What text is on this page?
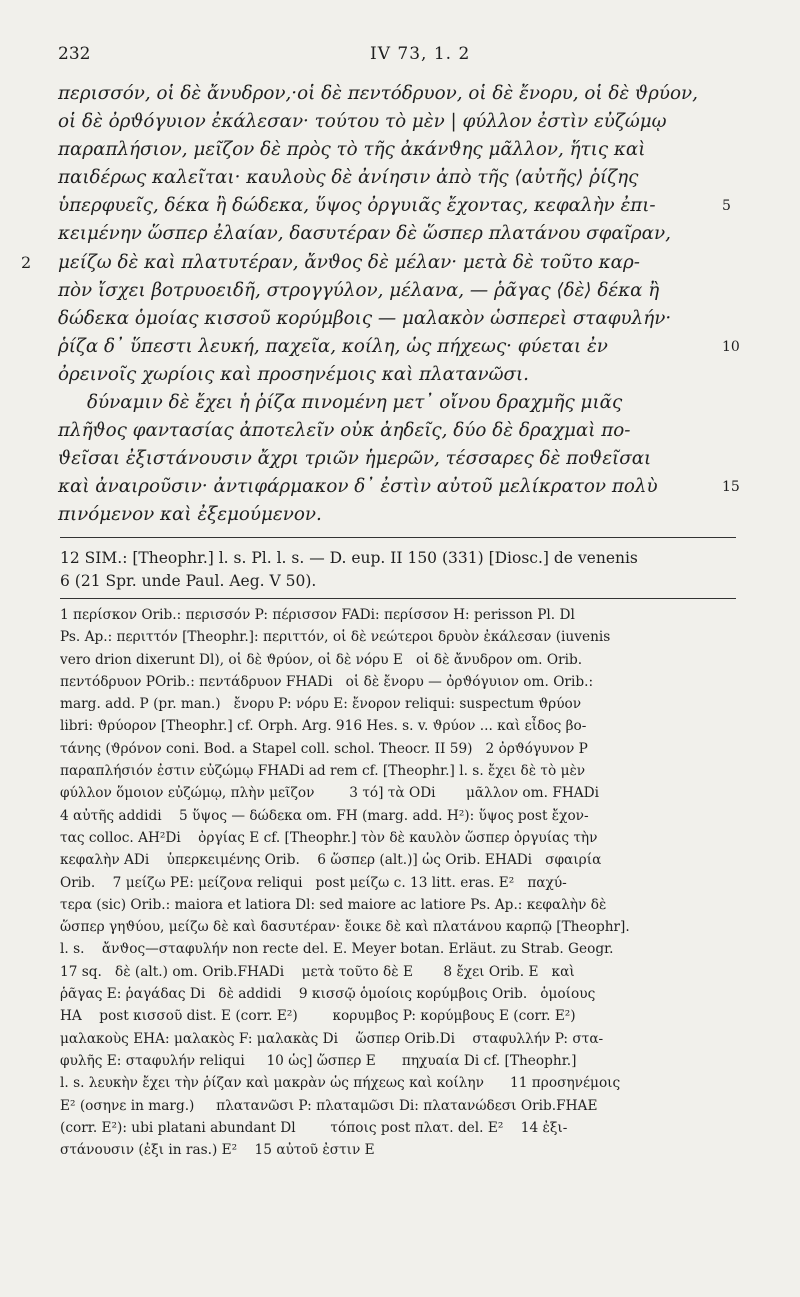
232	IV 73, 1. 2
περισσόν, οἱ δὲ ἄνυδρον,·οἱ δὲ πεντόδρυον, οἱ δὲ ἔνορυ, οἱ δὲ ϑρύον,
οἱ δὲ ὀρϑόγυιον ἐκάλεσαν· τούτου τὸ μὲν | φύλλον ἐστὶν εὐζώμῳ
παραπλήσιον, μεῖζον δὲ πρὸς τὸ τῆς ἀκάνϑης μᾶλλον, ἥτις καὶ
παιδέρως καλεῖται· καυλοὺς δὲ ἀνίησιν ἀπὸ τῆς ⟨αὐτῆς⟩ ῥίζης
ὑπερφυεῖς, δέκα ἢ δώδεκα, ὕψος ὀργυιᾶς ἔχοντας, κεφαλὴν ἐπι-	5
κειμένην ὥσπερ ἐλαίαν, δασυτέραν δὲ ὥσπερ πλατάνου σφαῖραν,
2 μείζω δὲ καὶ πλατυτέραν, ἄνϑος δὲ μέλαν· μετὰ δὲ τοῦτο καρ-
πὸν ἴσχει βοτρυοειδῆ, στρογγύλον, μέλανα, — ῥᾶγας ⟨δὲ⟩ δέκα ἢ
δώδεκα ὁμοίας κισσοῦ κορύμβοις — μαλακὸν ὡσπερεὶ σταφυλήν·
ῥίζα δ᾽ ὕπεστι λευκή, παχεῖα, κοίλη, ὡς πήχεως· φύεται ἐν	10
ὀρεινοῖς χωρίοις καὶ προσηνέμοις καὶ πλατανῶσι.
δύναμιν δὲ ἔχει ἡ ῥίζα πινομένη μετ᾽ οἴνου δραχμῆς μιᾶς
πλῆϑος φαντασίας ἀποτελεῖν οὐκ ἀηδεῖς, δύο δὲ δραχμαὶ πο-
ϑεῖσαι ἐξιστάνουσιν ἄχρι τριῶν ἡμερῶν, τέσσαρες δὲ ποϑεῖσαι
καὶ ἀναιροῦσιν· ἀντιφάρμακον δ᾽ ἐστὶν αὐτοῦ μελίκρατον πολὺ	15
πινόμενον καὶ ἐξεμούμενον.
12 SIM.: [Theophr.] l. s. Pl. l. s. — D. eup. II 150 (331) [Diosc.] de venenis
6 (21 Spr. unde Paul. Aeg. V 50).
1 περίσκον Orib.: περισσόν P: πέρισσον FADi: περίσσον H: perisson Pl. Dl
Ps. Ap.: περιττόν [Theophr.]: περιττόν, οἱ δὲ νεώτεροι δρυὸν ἐκάλεσαν (iuvenis
vero drion dixerunt Dl), οἱ δὲ ϑρύον, οἱ δὲ νόρυ E   οἱ δὲ ἄνυδρον om. Orib.
πεντόδρυον POrib.: πεντάδρυον FHADi   οἱ δὲ ἔνορυ — ὀρϑόγυιον om. Orib.:
marg. add. P (pr. man.)   ἔνορυ P: νόρυ E: ἔνορον reliqui: suspectum ϑρύον
libri: ϑρύορον [Theophr.] cf. Orph. Arg. 916 Hes. s. v. ϑρύον ... καὶ εἶδος βο-
τάνης (ϑρόνον coni. Bod. a Stapel coll. schol. Theocr. II 59)   2 ὀρϑόγυνον P
παραπλήσιόν ἐστιν εὐζώμῳ FHADi ad rem cf. [Theophr.] l. s. ἔχει δὲ τὸ μὲν
φύλλον ὅμοιον εὐζώμῳ, πλὴν μεῖζον        3 τό] τὰ ODi       μᾶλλον om. FHADi
4 αὐτῆς addidi    5 ὕψος — δώδεκα om. FH (marg. add. H²): ὕψος post ἔχον-
τας colloc. AH²Di    ὀργίας E cf. [Theophr.] τὸν δὲ καυλὸν ὥσπερ ὀργυίας τὴν
κεφαλὴν ADi    ὑπερκειμένης Orib.    6 ὥσπερ (alt.)] ὡς Orib. EHADi   σφαιρία
Orib.    7 μείζω PE: μείζονα reliqui   post μείζω c. 13 litt. eras. E²   παχύ-
τερα (sic) Orib.: maiora et latiora Dl: sed maiore ac latiore Ps. Ap.: κεφαλὴν δὲ
ὥσπερ γηϑύου, μείζω δὲ καὶ δασυτέραν· ἔοικε δὲ καὶ πλατάνου καρπῷ [Theophr].
l. s.    ἄνϑος—σταφυλήν non recte del. E. Meyer botan. Erläut. zu Strab. Geogr.
17 sq.   δὲ (alt.) om. Orib.FHADi    μετὰ τοῦτο δὲ E       8 ἔχει Orib. E   καὶ
ῥᾶγας E: ῥαγάδας Di   δὲ addidi    9 κισσῷ ὁμοίοις κορύμβοις Orib.   ὁμοίους
HA    post κισσοῦ dist. E (corr. E²)        κορυμβος P: κορύμβους E (corr. E²)
μαλακοὺς EHA: μαλακὸς F: μαλακὰς Di    ὥσπερ Orib.Di    σταφυλλήν P: στα-
φυλῆς E: σταφυλήν reliqui     10 ὡς] ὥσπερ E      πηχυαία Di cf. [Theophr.]
l. s. λευκὴν ἔχει τὴν ῥίζαν καὶ μακρὰν ὡς πήχεως καὶ κοίλην      11 προσηνέμοις
E² (οσηνε in marg.)     πλατανῶσι P: πλαταμῶσι Di: πλατανώδεσι Orib.FHAE
(corr. E²): ubi platani abundant Dl        τόποις post πλατ. del. E²    14 ἐξι-
στάνουσιν (ἐξι in ras.) E²    15 αὐτοῦ ἐστιν E
